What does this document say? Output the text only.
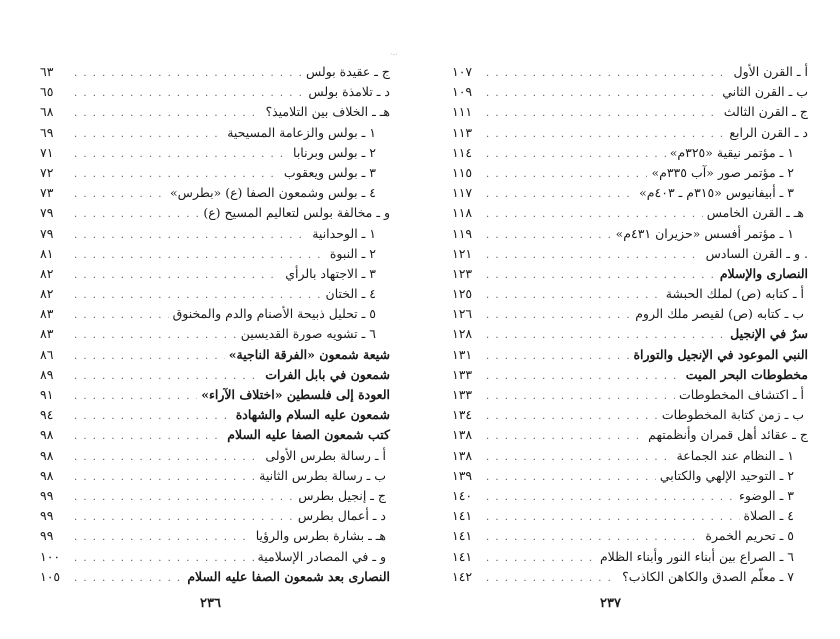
·-·
ج ـ عقيدة بولس
. . .
٦٣
د ـ تلامذة بولس
. . .
٦٥
هـ ـ الخلاف بين التلاميذ؟
. . .
٦٨
١ ـ بولس والزعامة المسيحية
. . .
٦٩
٢ ـ بولس وبرنابا
. . .
٧١
٣ ـ بولس ويعقوب
. . .
٧٢
٤ ـ بولس وشمعون الصفا (ع) «بطرس»
. . .
٧٣
و ـ مخالفة بولس لتعاليم المسيح (ع)
. . .
٧٩
١ ـ الوحدانية
. . .
٧٩
٢ ـ النبوة
. . .
٨١
٣ ـ الاجتهاد بالرأي
. . .
٨٢
٤ ـ الختان
. . .
٨٢
٥ ـ تحليل ذبيحة الأصنام والدم والمخنوق
. . .
٨٣
٦ ـ تشويه صورة القديسين
. . .
٨٣
شيعة شمعون «الفرقة الناجية»
. . .
٨٦
شمعون في بابل الفرات
. . .
٨٩
العودة إلى فلسطين «اختلاف الآراء»
. . .
٩١
شمعون عليه السلام والشهادة
. . .
٩٤
كتب شمعون الصفا عليه السلام
. . .
٩٨
أ ـ رسالة بطرس الأولى
. . .
٩٨
ب ـ رسالة بطرس الثانية
. . .
٩٨
ج ـ إنجيل بطرس
. . .
٩٩
د ـ أعمال بطرس
. . .
٩٩
هـ ـ بشارة بطرس والرؤيا
. . .
٩٩
و ـ في المصادر الإسلامية
. . .
١٠٠
النصارى بعد شمعون الصفا عليه السلام
. . .
١٠٥
أ ـ القرن الأول
. . .
١٠٧
ب ـ القرن الثاني
. . .
١٠٩
ج ـ القرن الثالث
. . .
١١١
د ـ القرن الرابع
. . .
١١٣
١ ـ مؤتمر نيقية «٣٢٥م»
. . .
١١٤
٢ ـ مؤتمر صور «آب ٣٣٥م»
. . .
١١٥
٣ ـ أبيفانيوس «٣١٥م ـ ٤٠٣م»
. . .
١١٧
هـ ـ القرن الخامس
. . .
١١٨
١ ـ مؤتمر أفسس «حزيران ٤٣١م»
. . .
١١٩
. و ـ القرن السادس
. . .
١٢١
النصارى والإسلام
. . .
١٢٣
أ ـ كتابه (ص) لملك الحبشة
. . .
١٢٥
ب ـ كتابه (ص) لقيصر ملك الروم
. . .
١٢٦
سرٌ في الإنجيل
. . .
١٢٨
النبي الموعود في الإنجيل والتوراة
. . .
١٣١
مخطوطات البحر الميت
. . .
١٣٣
أ ـ اكتشاف المخطوطات
. . .
١٣٣
ب ـ زمن كتابة المخطوطات
. . .
١٣٤
ج ـ عقائد أهل قمران وأنظمتهم
. . .
١٣٨
١ ـ النظام عند الجماعة
. . .
١٣٨
٢ ـ التوحيد الإلهي والكتابي
. . .
١٣٩
٣ ـ الوضوء
. . .
١٤٠
٤ ـ الصلاة
. . .
١٤١
٥ ـ تحريم الخمرة
. . .
١٤١
٦ ـ الصراع بين أبناء النور وأبناء الظلام
. . .
١٤١
٧ ـ معلّم الصدق والكاهن الكاذب؟
. . .
١٤٢
٢٣٦	٢٣٧
